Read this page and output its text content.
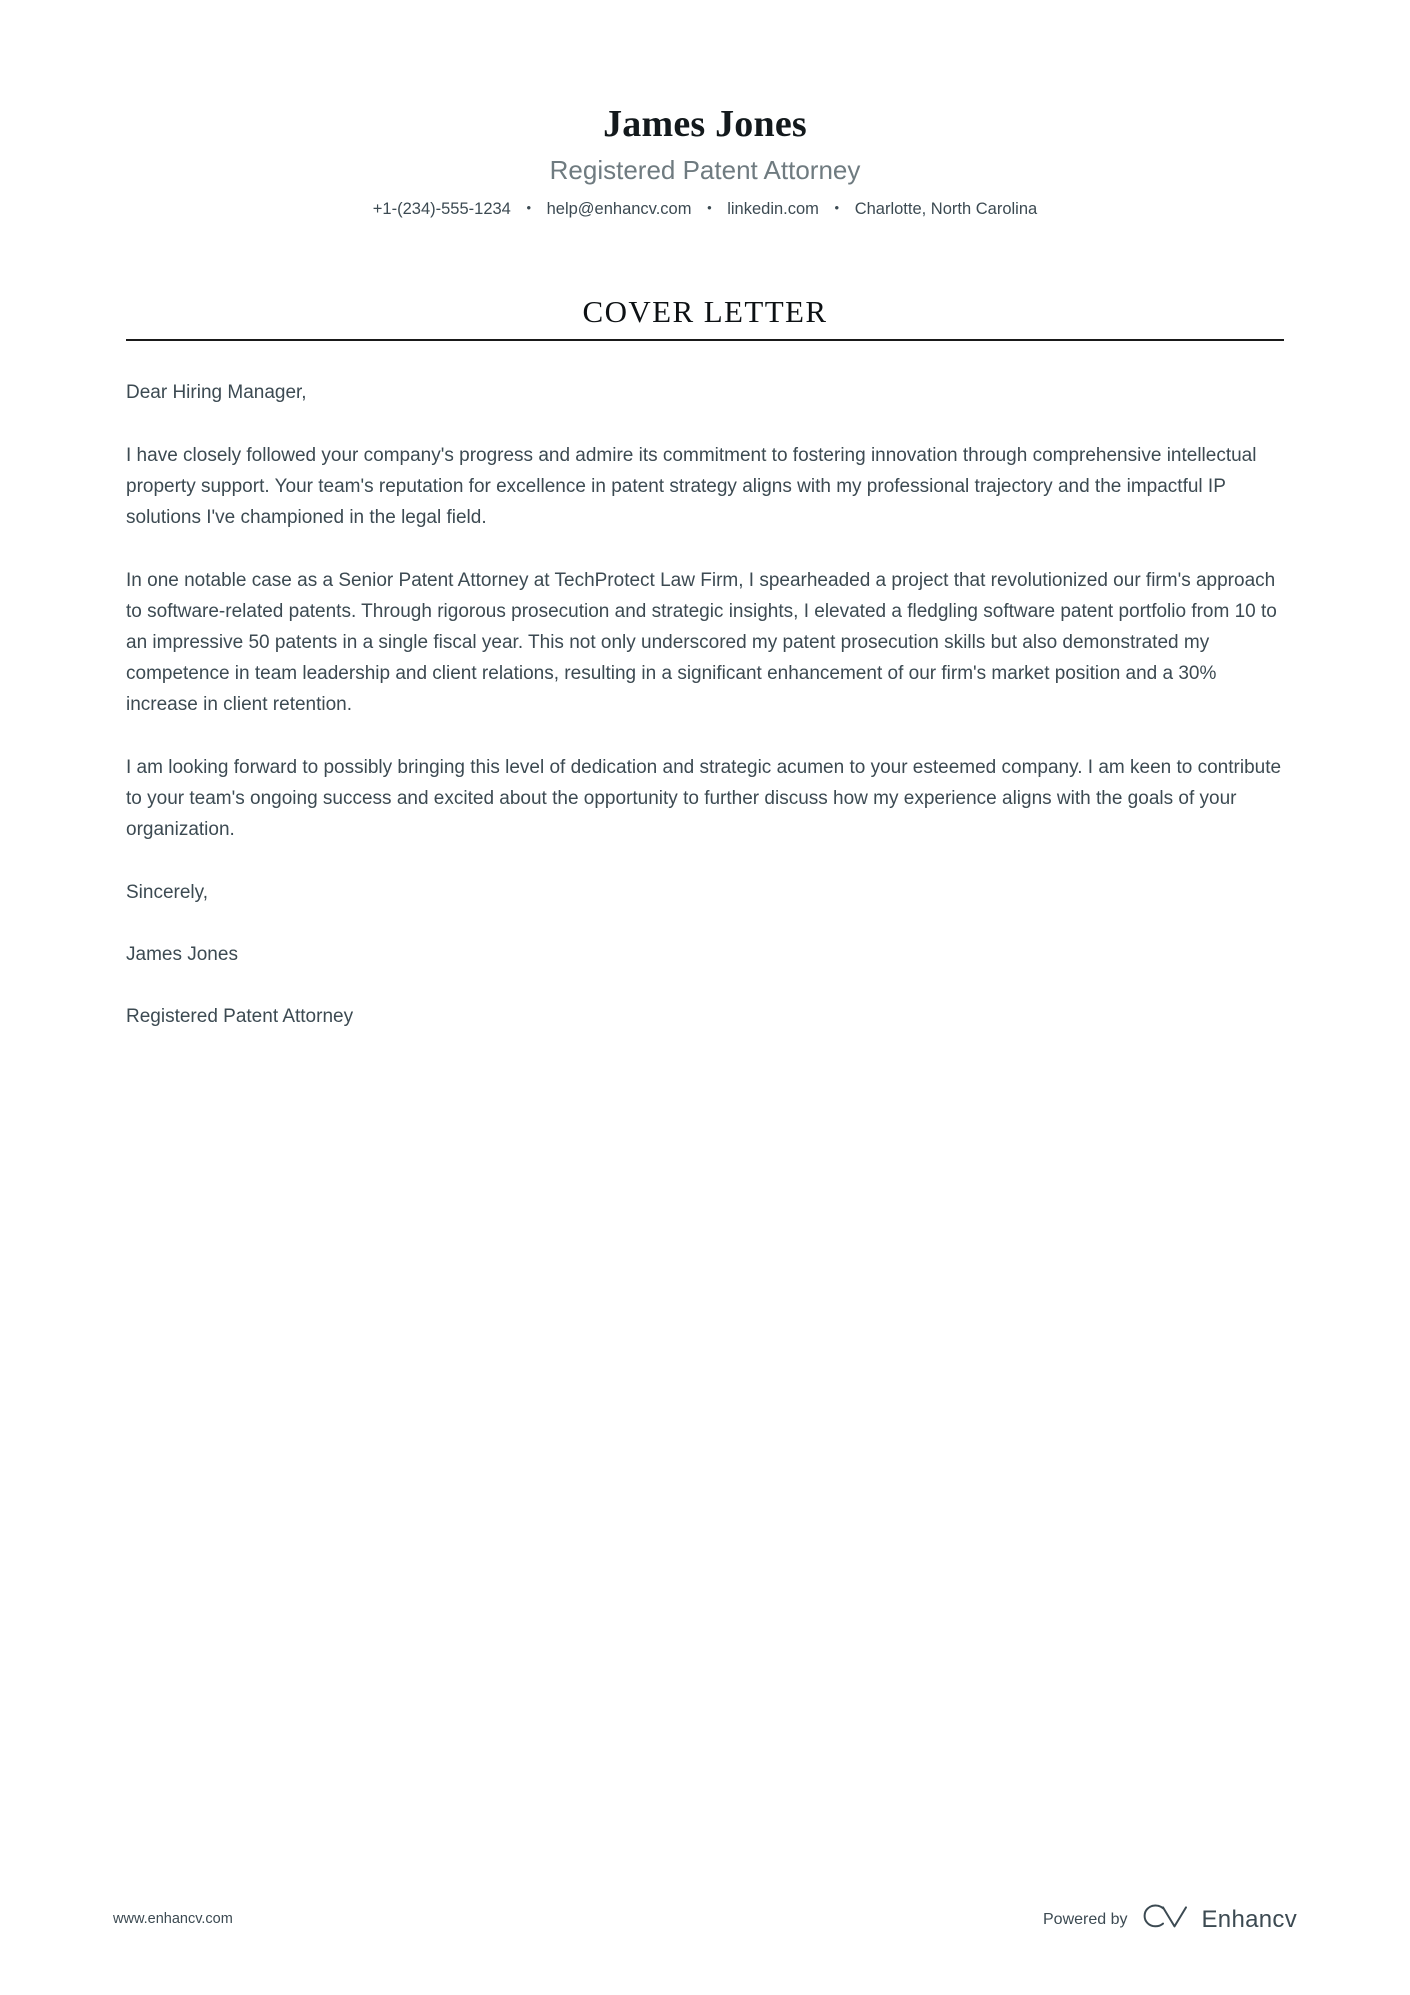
James Jones
Registered Patent Attorney
+1-(234)-555-1234 • help@enhancv.com • linkedin.com • Charlotte, North Carolina
COVER LETTER

Dear Hiring Manager,

I have closely followed your company's progress and admire its commitment to fostering innovation through comprehensive intellectual property support. Your team's reputation for excellence in patent strategy aligns with my professional trajectory and the impactful IP solutions I've championed in the legal field.

In one notable case as a Senior Patent Attorney at TechProtect Law Firm, I spearheaded a project that revolutionized our firm's approach to software-related patents. Through rigorous prosecution and strategic insights, I elevated a fledgling software patent portfolio from 10 to an impressive 50 patents in a single fiscal year. This not only underscored my patent prosecution skills but also demonstrated my competence in team leadership and client relations, resulting in a significant enhancement of our firm's market position and a 30% increase in client retention.

I am looking forward to possibly bringing this level of dedication and strategic acumen to your esteemed company. I am keen to contribute to your team's ongoing success and excited about the opportunity to further discuss how my experience aligns with the goals of your organization.

Sincerely,

James Jones

Registered Patent Attorney

www.enhancv.com	Powered by	Enhancv
